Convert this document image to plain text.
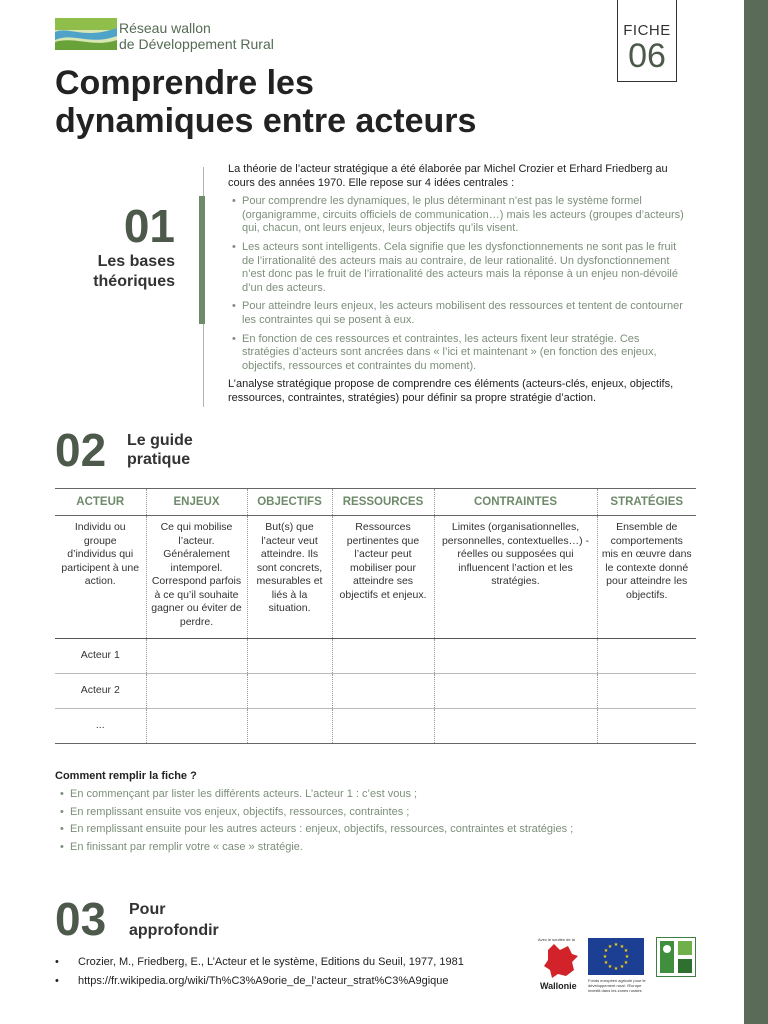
Réseau wallon
de Développement Rural
FICHE
06
Comprendre les
dynamiques entre acteurs
01
Les bases
théoriques

La théorie de l’acteur stratégique a été élaborée par Michel Crozier et Erhard Friedberg au cours des années 1970. Elle repose sur 4 idées centrales :

• Pour comprendre les dynamiques, le plus déterminant n’est pas le système formel (organigramme, circuits officiels de communication…) mais les acteurs (groupes d’acteurs) qui, chacun, ont leurs enjeux, leurs objectifs qu’ils visent.
• Les acteurs sont intelligents. Cela signifie que les dysfonctionnements ne sont pas le fruit de l’irrationalité des acteurs mais au contraire, de leur rationalité. Un dysfonctionnement n’est donc pas le fruit de l’irrationalité des acteurs mais la réponse à un enjeu non-dévoilé d’un des acteurs.
• Pour atteindre leurs enjeux, les acteurs mobilisent des ressources et tentent de contourner les contraintes qui se posent à eux.
• En fonction de ces ressources et contraintes, les acteurs fixent leur stratégie. Ces stratégies d’acteurs sont ancrées dans « l’ici et maintenant » (en fonction des enjeux, objectifs, ressources et contraintes du moment).

L’analyse stratégique propose de comprendre ces éléments (acteurs-clés, enjeux, objectifs, ressources, contraintes, stratégies) pour définir sa propre stratégie d’action.

02 Le guide
pratique
ACTEUR	ENJEUX	OBJECTIFS	RESSOURCES	CONTRAINTES	STRATÉGIES
Individu ou groupe d’individus qui participent à une action.	Ce qui mobilise l’acteur. Généralement intemporel. Correspond parfois à ce qu’il souhaite gagner ou éviter de perdre.	But(s) que l’acteur veut atteindre. Ils sont concrets, mesurables et liés à la situation.	Ressources pertinentes que l’acteur peut mobiliser pour atteindre ses objectifs et enjeux.	Limites (organisationnelles, personnelles, contextuelles…) - réelles ou supposées qui influencent l’action et les stratégies.	Ensemble de comportements mis en œuvre dans le contexte donné pour atteindre les objectifs.
Acteur 1					
Acteur 2					
...					
Comment remplir la fiche ?
• En commençant par lister les différents acteurs. L’acteur 1 : c’est vous ;
• En remplissant ensuite vos enjeux, objectifs, ressources, contraintes ;
• En remplissant ensuite pour les autres acteurs : enjeux, objectifs, ressources, contraintes et stratégies ;
• En finissant par remplir votre « case » stratégie.
03 Pour
approfondir
• Crozier, M., Friedberg, E., L’Acteur et le système, Editions du Seuil, 1977, 1981
• https://fr.wikipedia.org/wiki/Th%C3%A9orie_de_l’acteur_strat%C3%A9gique
Avec le soutien de la
Wallonie
★ ★
★
★
★
★
★
★
★
★
★
★
Fonds européen agricole pour le développement rural: l’Europe investit dans les zones rurales
